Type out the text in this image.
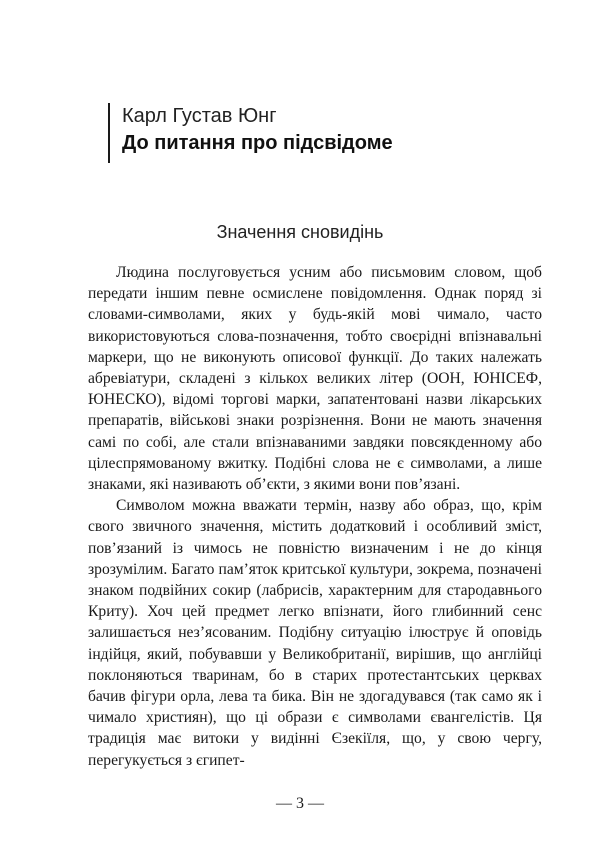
Карл Густав Юнг
До питання про підсвідоме
Значення сновидінь

Людина послуговується усним або письмовим словом, щоб передати іншим певне осмислене повідомлення. Однак поряд зі словами-символами, яких у будь-якій мові чимало, часто використовуються слова-позначення, тобто своєрідні впізнавальні маркери, що не виконують описової функції. До таких належать абревіатури, складені з кількох великих літер (ООН, ЮНІСЕФ, ЮНЕСКО), відомі торгові марки, запатентовані назви лікарських препаратів, військові знаки розрізнення. Вони не мають значення самі по собі, але стали впізнаваними завдяки повсякденному або цілеспрямованому вжитку. Подібні слова не є символами, а лише знаками, які називають об’єкти, з якими вони пов’язані.

Символом можна вважати термін, назву або образ, що, крім свого звичного значення, містить додатковий і особливий зміст, пов’язаний із чимось не повністю визначеним і не до кінця зрозумілим. Багато пам’яток критської культури, зокрема, позначені знаком подвійних сокир (лабрисів, характерним для стародавнього Криту). Хоч цей предмет легко впізнати, його глибинний сенс залишається нез’ясованим. Подібну ситуацію ілюструє й оповідь індійця, який, побувавши у Великобританії, вирішив, що англійці поклоняються тваринам, бо в старих протестантських церквах бачив фігури орла, лева та бика. Він не здогадувався (так само як і чимало християн), що ці образи є символами євангелістів. Ця традиція має витоки у видінні Єзекіїля, що, у свою чергу, перегукується з єгипет-

— 3 —
